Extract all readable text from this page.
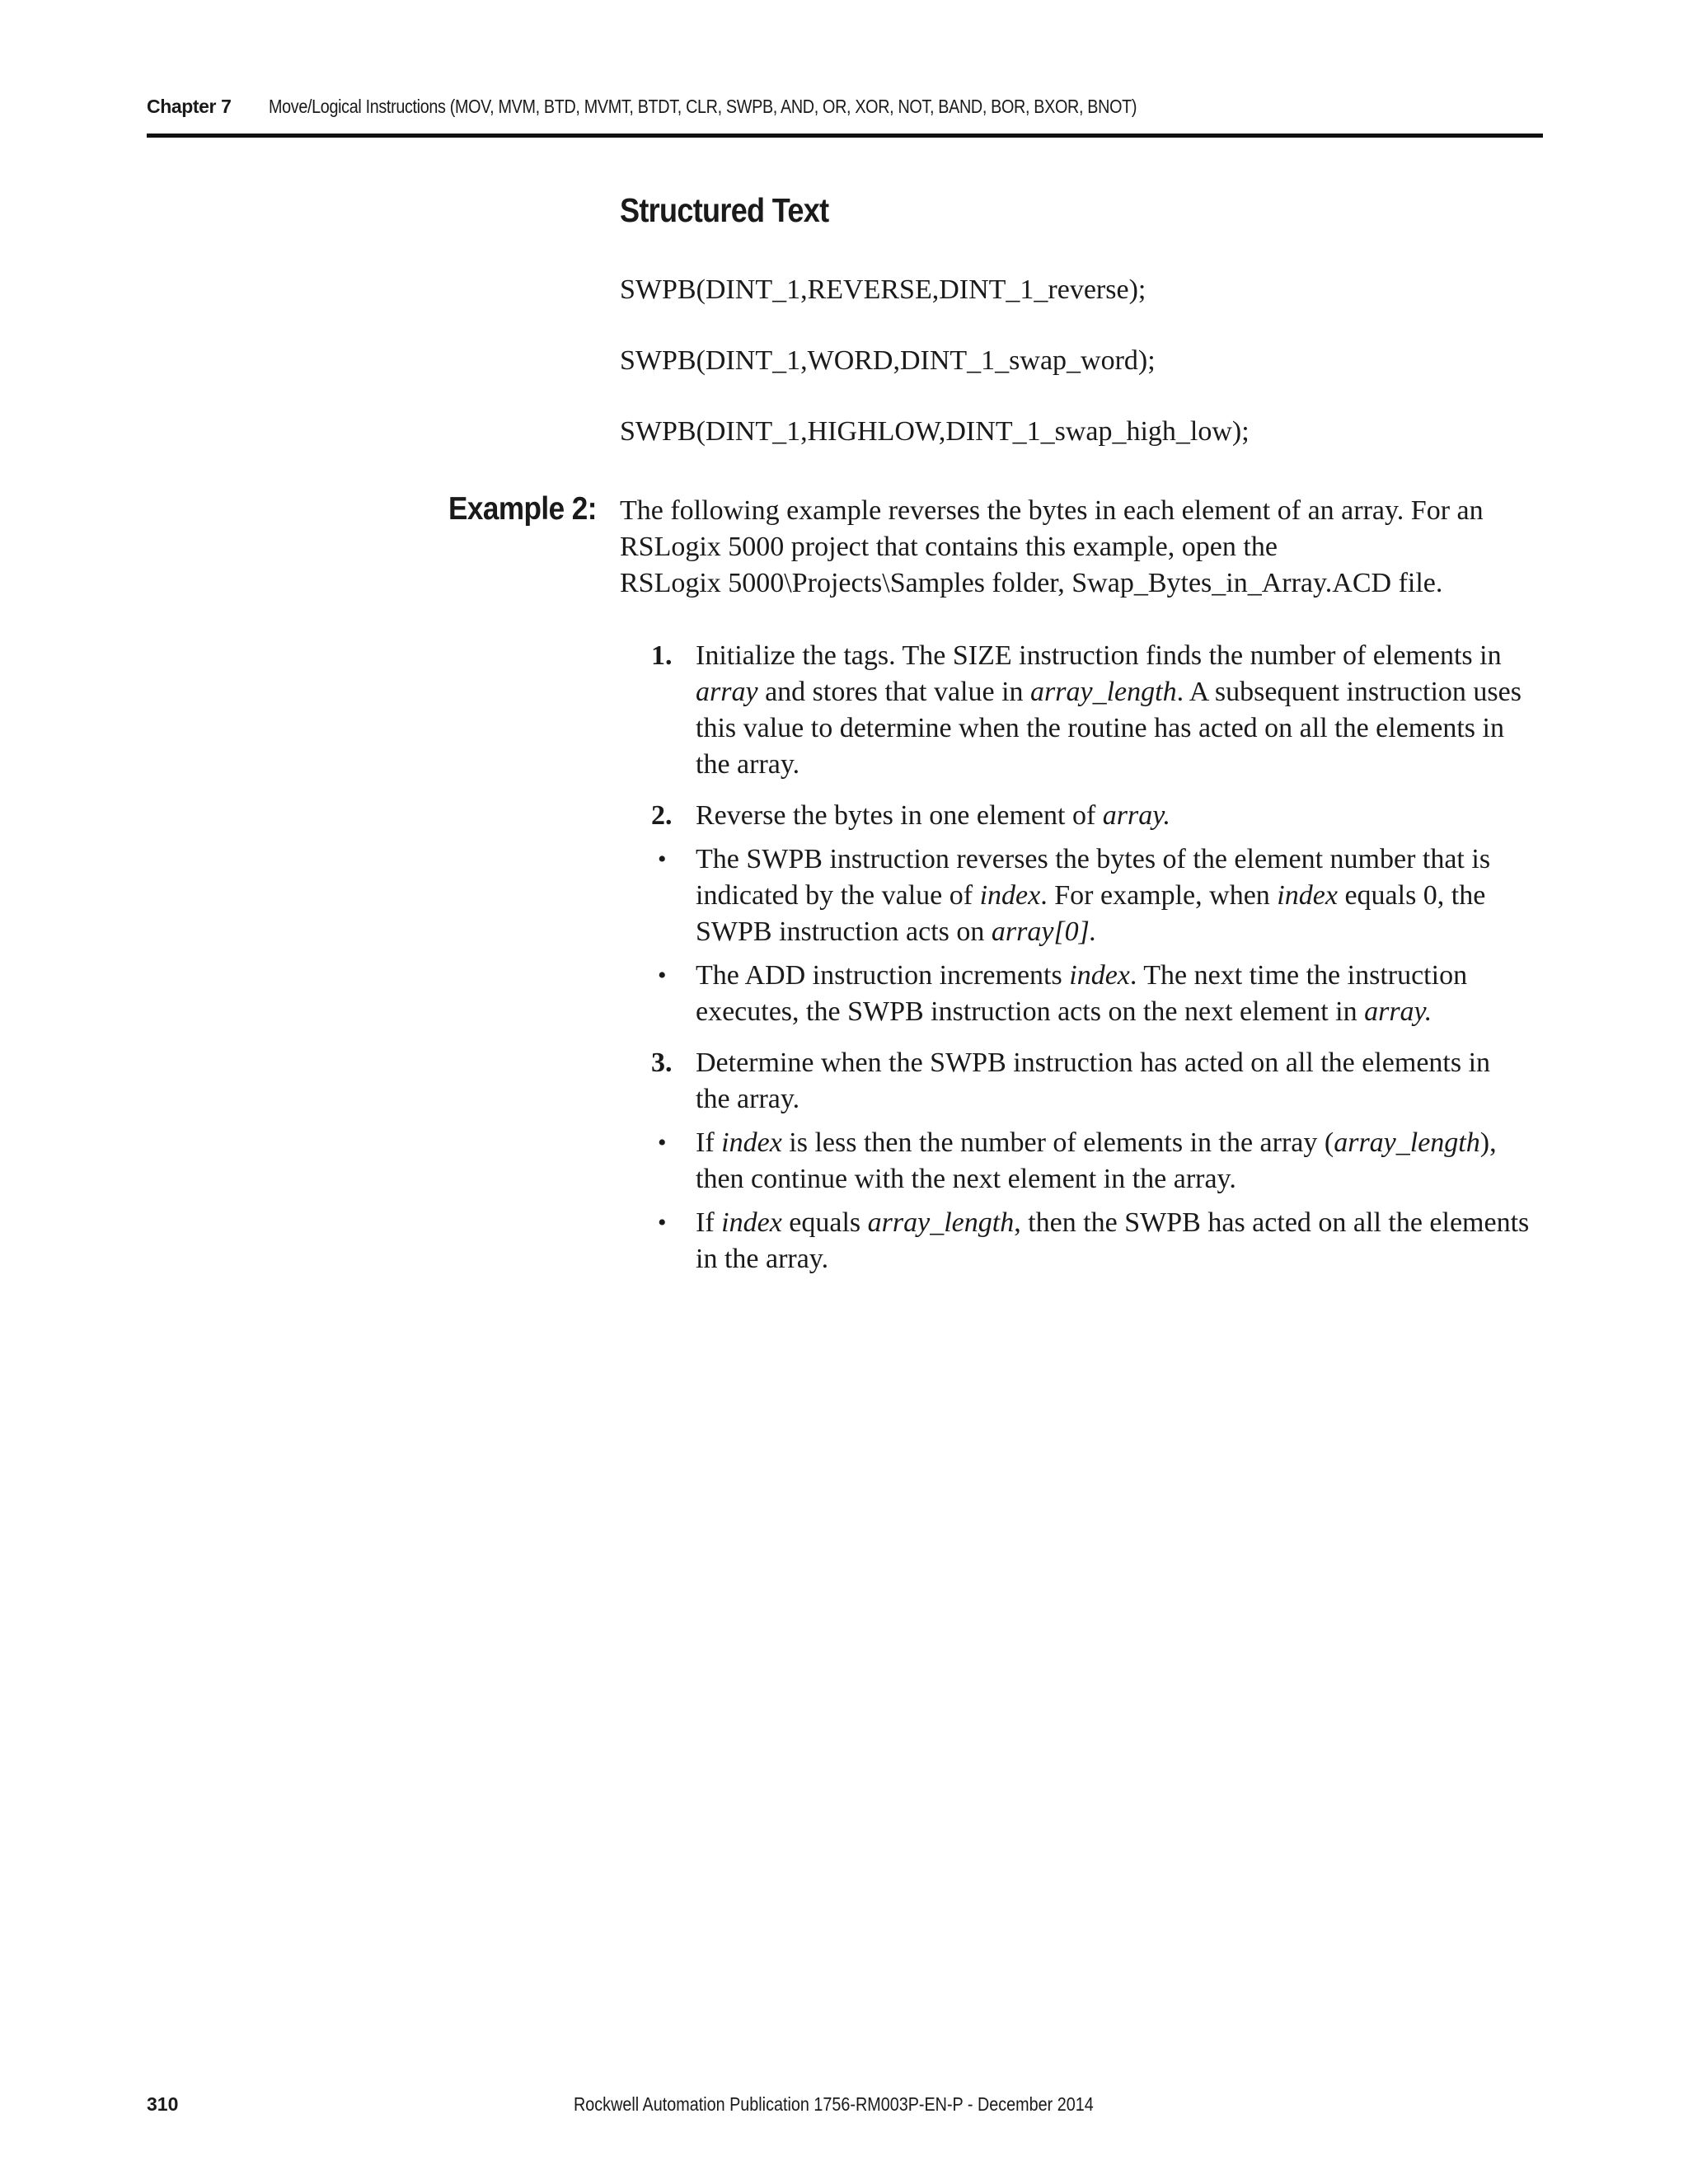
Chapter 7 Move/Logical Instructions (MOV, MVM, BTD, MVMT, BTDT, CLR, SWPB, AND, OR, XOR, NOT, BAND, BOR, BXOR, BNOT)
Structured Text
SWPB(DINT_1,REVERSE,DINT_1_reverse);
SWPB(DINT_1,WORD,DINT_1_swap_word);
SWPB(DINT_1,HIGHLOW,DINT_1_swap_high_low);
Example 2: The following example reverses the bytes in each element of an array. For an
RSLogix 5000 project that contains this example, open the
RSLogix 5000\Projects\Samples folder, Swap_Bytes_in_Array.ACD file.
1. Initialize the tags. The SIZE instruction finds the number of elements in
array and stores that value in array_length. A subsequent instruction uses
this value to determine when the routine has acted on all the elements in
the array.
2. Reverse the bytes in one element of array.
•	The SWPB instruction reverses the bytes of the element number that is
indicated by the value of index. For example, when index equals 0, the
SWPB instruction acts on array[0].
•	The ADD instruction increments index. The next time the instruction
executes, the SWPB instruction acts on the next element in array.
3. Determine when the SWPB instruction has acted on all the elements in
the array.
•	If index is less then the number of elements in the array (array_length),
then continue with the next element in the array.
•	If index equals array_length, then the SWPB has acted on all the elements
in the array.
310	Rockwell Automation Publication 1756-RM003P-EN-P - December 2014
